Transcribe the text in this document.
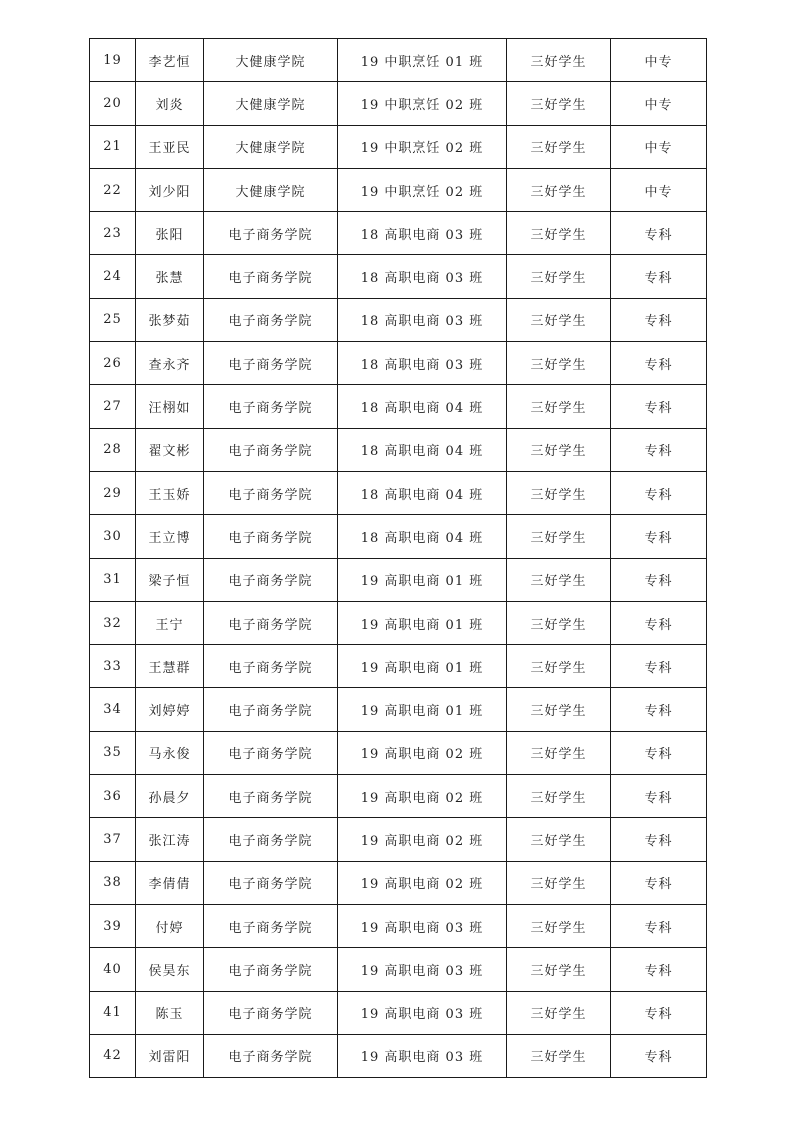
19	李艺恒	大健康学院	19 中职烹饪 01 班	三好学生	中专
20	刘炎	大健康学院	19 中职烹饪 02 班	三好学生	中专
21	王亚民	大健康学院	19 中职烹饪 02 班	三好学生	中专
22	刘少阳	大健康学院	19 中职烹饪 02 班	三好学生	中专
23	张阳	电子商务学院	18 高职电商 03 班	三好学生	专科
24	张慧	电子商务学院	18 高职电商 03 班	三好学生	专科
25	张梦茹	电子商务学院	18 高职电商 03 班	三好学生	专科
26	查永齐	电子商务学院	18 高职电商 03 班	三好学生	专科
27	汪栩如	电子商务学院	18 高职电商 04 班	三好学生	专科
28	翟文彬	电子商务学院	18 高职电商 04 班	三好学生	专科
29	王玉娇	电子商务学院	18 高职电商 04 班	三好学生	专科
30	王立博	电子商务学院	18 高职电商 04 班	三好学生	专科
31	梁子恒	电子商务学院	19 高职电商 01 班	三好学生	专科
32	王宁	电子商务学院	19 高职电商 01 班	三好学生	专科
33	王慧群	电子商务学院	19 高职电商 01 班	三好学生	专科
34	刘婷婷	电子商务学院	19 高职电商 01 班	三好学生	专科
35	马永俊	电子商务学院	19 高职电商 02 班	三好学生	专科
36	孙晨夕	电子商务学院	19 高职电商 02 班	三好学生	专科
37	张江涛	电子商务学院	19 高职电商 02 班	三好学生	专科
38	李倩倩	电子商务学院	19 高职电商 02 班	三好学生	专科
39	付婷	电子商务学院	19 高职电商 03 班	三好学生	专科
40	侯昊东	电子商务学院	19 高职电商 03 班	三好学生	专科
41	陈玉	电子商务学院	19 高职电商 03 班	三好学生	专科
42	刘雷阳	电子商务学院	19 高职电商 03 班	三好学生	专科
